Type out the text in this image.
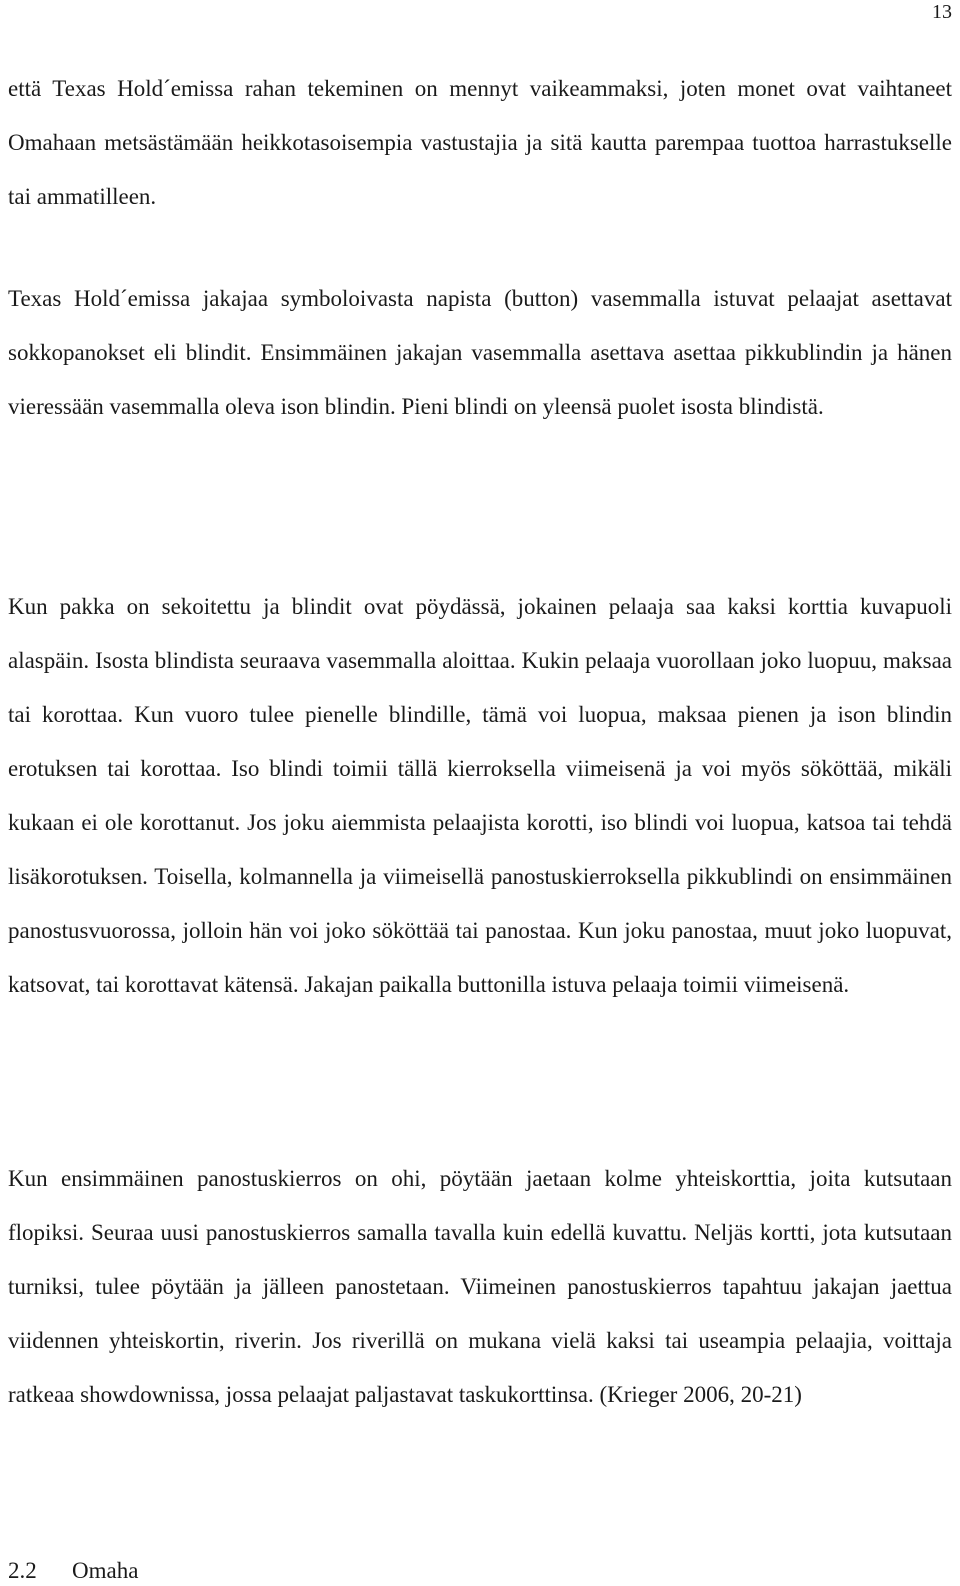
13

että Texas Hold´emissa rahan tekeminen on mennyt vaikeammaksi, joten monet ovat vaihtaneet Omahaan metsästämään heikkotasoisempia vastustajia ja sitä kautta parempaa tuottoa harrastukselle tai ammatilleen.

Texas Hold´emissa jakajaa symboloivasta napista (button) vasemmalla istuvat pelaajat asettavat sokkopanokset eli blindit. Ensimmäinen jakajan vasemmalla asettava asettaa pikkublindin ja hänen vieressään vasemmalla oleva ison blindin. Pieni blindi on yleensä puolet isosta blindistä.

Kun pakka on sekoitettu ja blindit ovat pöydässä, jokainen pelaaja saa kaksi korttia kuvapuoli alaspäin. Isosta blindista seuraava vasemmalla aloittaa. Kukin pelaaja vuorollaan joko luopuu, maksaa tai korottaa. Kun vuoro tulee pienelle blindille, tämä voi luopua, maksaa pienen ja ison blindin erotuksen tai korottaa. Iso blindi toimii tällä kierroksella viimeisenä ja voi myös sököttää, mikäli kukaan ei ole korottanut. Jos joku aiemmista pelaajista korotti, iso blindi voi luopua, katsoa tai tehdä lisäkorotuksen. Toisella, kolmannella ja viimeisellä panostuskierroksella pikkublindi on ensimmäinen panostusvuorossa, jolloin hän voi joko sököttää tai panostaa. Kun joku panostaa, muut joko luopuvat, katsovat, tai korottavat kätensä. Jakajan paikalla buttonilla istuva pelaaja toimii viimeisenä.

Kun ensimmäinen panostuskierros on ohi, pöytään jaetaan kolme yhteiskorttia, joita kutsutaan flopiksi. Seuraa uusi panostuskierros samalla tavalla kuin edellä kuvattu. Neljäs kortti, jota kutsutaan turniksi, tulee pöytään ja jälleen panostetaan. Viimeinen panostuskierros tapahtuu jakajan jaettua viidennen yhteiskortin, riverin. Jos riverillä on mukana vielä kaksi tai useampia pelaajia, voittaja ratkeaa showdownissa, jossa pelaajat paljastavat taskukorttinsa. (Krieger 2006, 20-21)

2.2 Omaha
